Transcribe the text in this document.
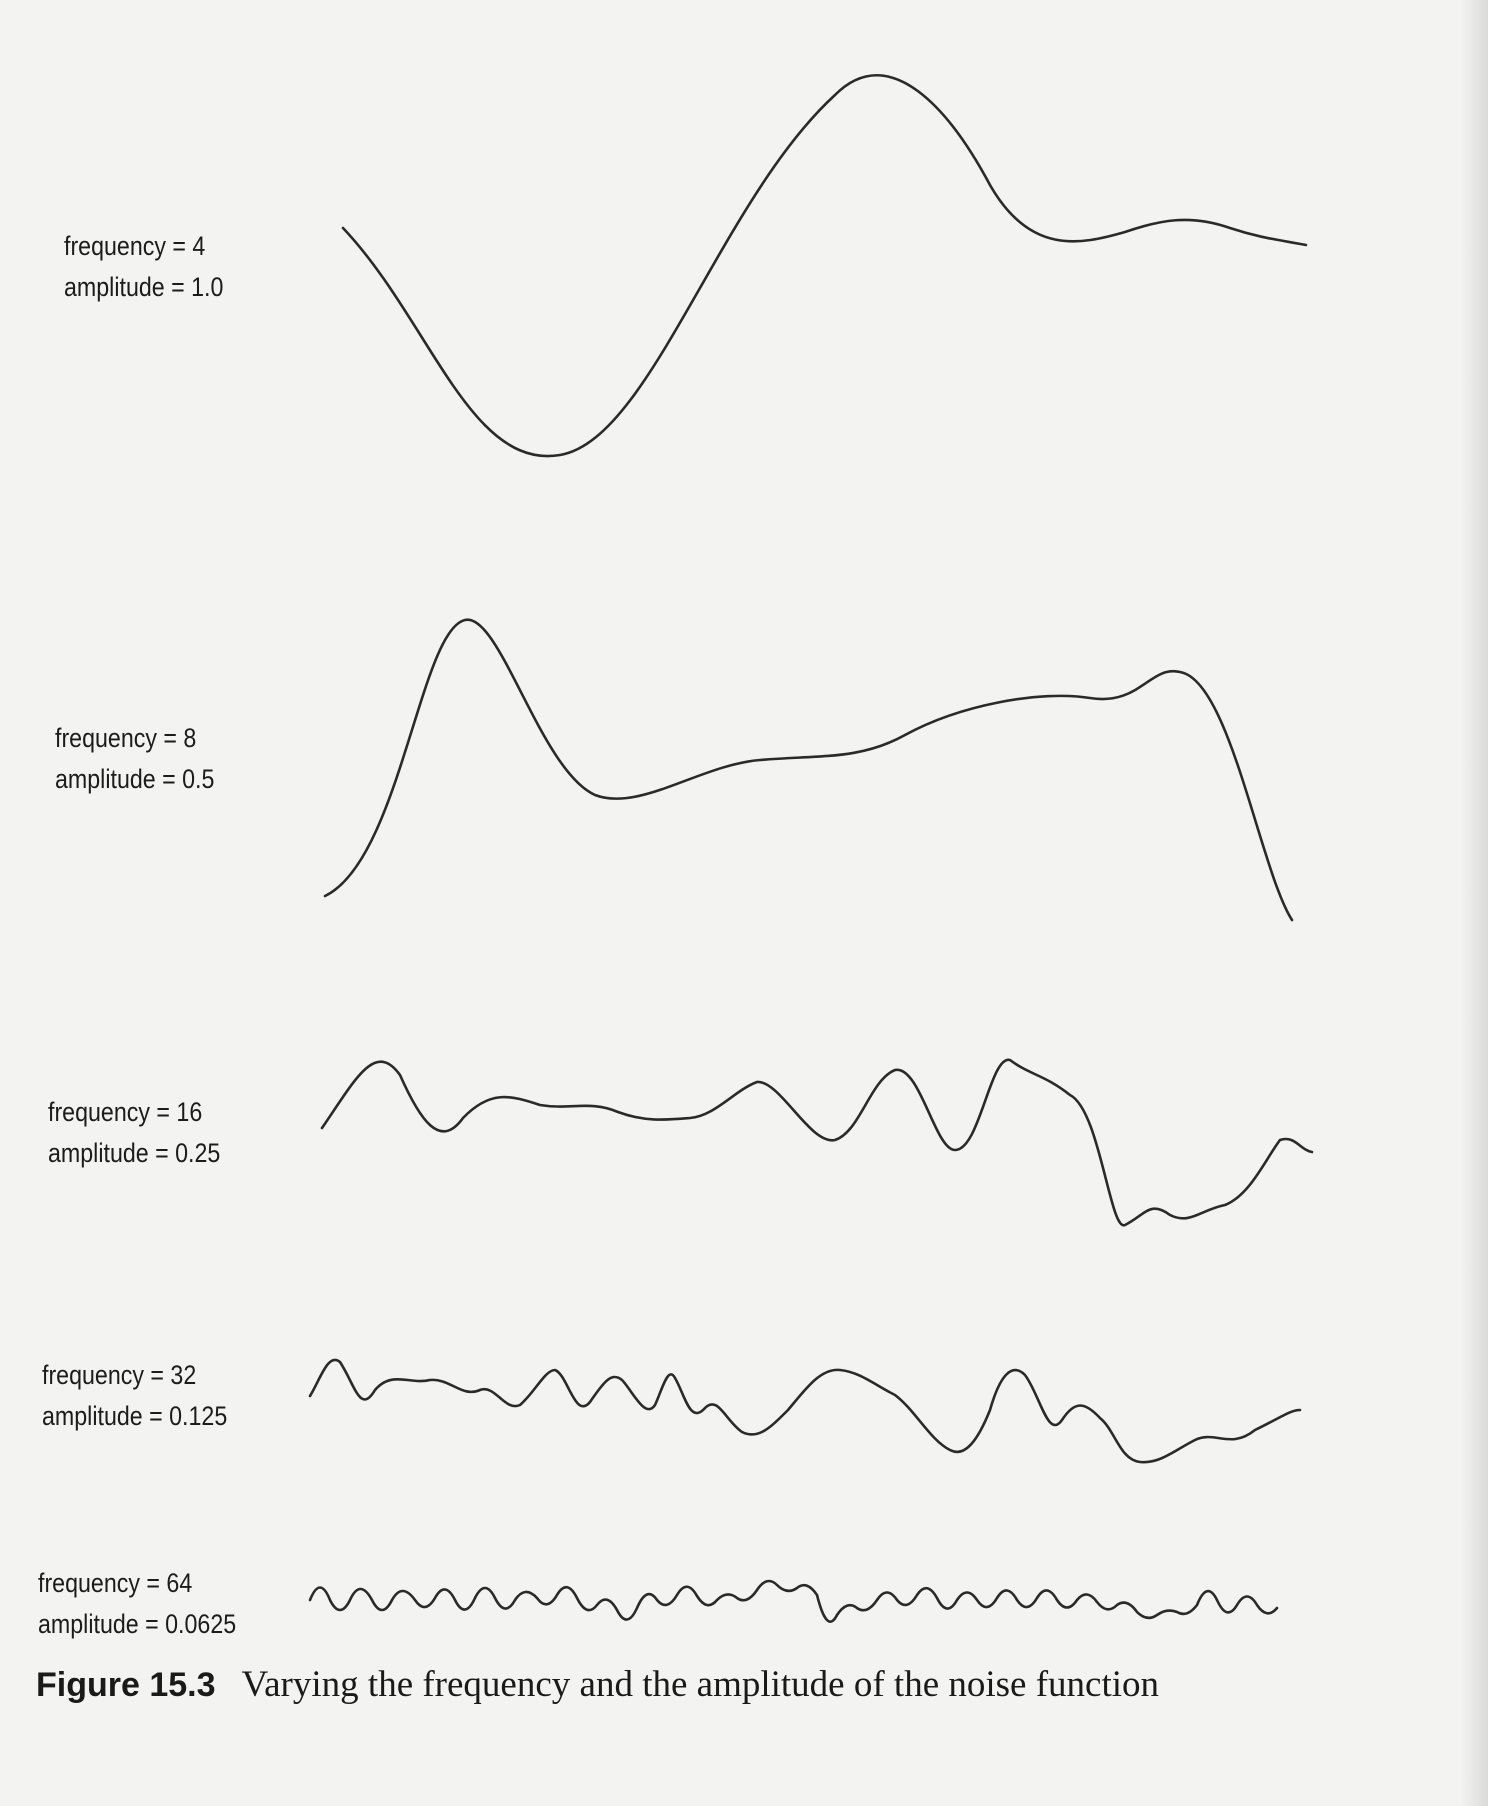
frequency = 4
amplitude = 1.0
frequency = 8
amplitude = 0.5
frequency = 16
amplitude = 0.25
frequency = 32
amplitude = 0.125
frequency = 64
amplitude = 0.0625
Figure 15.3 Varying the frequency and the amplitude of the noise function
